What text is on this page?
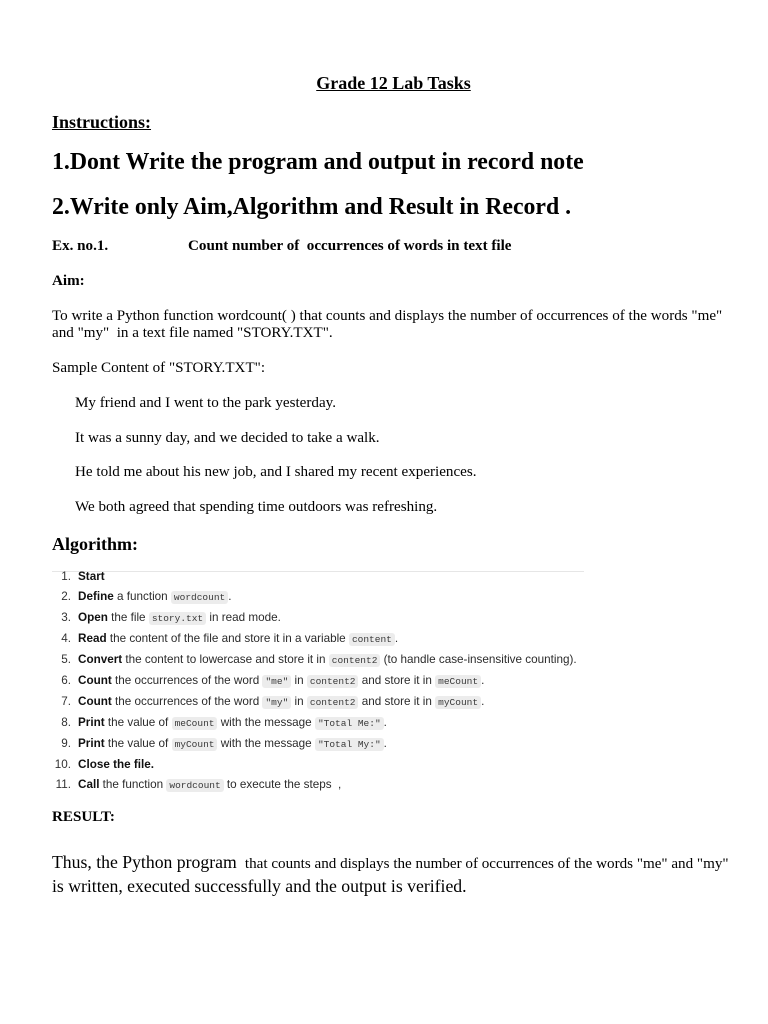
Grade 12 Lab Tasks
Instructions:
1.Dont Write the program and output in record note
2.Write only Aim,Algorithm and Result in Record .
Ex. no.1.	Count number of  occurrences of words in text file
Aim:

To write a Python function wordcount( ) that counts and displays the number of occurrences of the words "me" and "my"  in a text file named "STORY.TXT".

Sample Content of "STORY.TXT":
My friend and I went to the park yesterday.
It was a sunny day, and we decided to take a walk.
He told me about his new job, and I shared my recent experiences.
We both agreed that spending time outdoors was refreshing.
Algorithm:
1. Start
2. Define a function wordcount .
3. Open the file story.txt in read mode.
4. Read the content of the file and store it in a variable content .
5. Convert the content to lowercase and store it in content2 (to handle case-insensitive counting).
6. Count the occurrences of the word "me" in content2 and store it in meCount .
7. Count the occurrences of the word "my" in content2 and store it in myCount .
8. Print the value of meCount with the message "Total Me:" .
9. Print the value of myCount with the message "Total My:" .
10. Close the file.
11. Call the function wordcount to execute the steps  ,
RESULT:

Thus, the Python program  that counts and displays the number of occurrences of the words "me" and "my"
is written, executed successfully and the output is verified.
